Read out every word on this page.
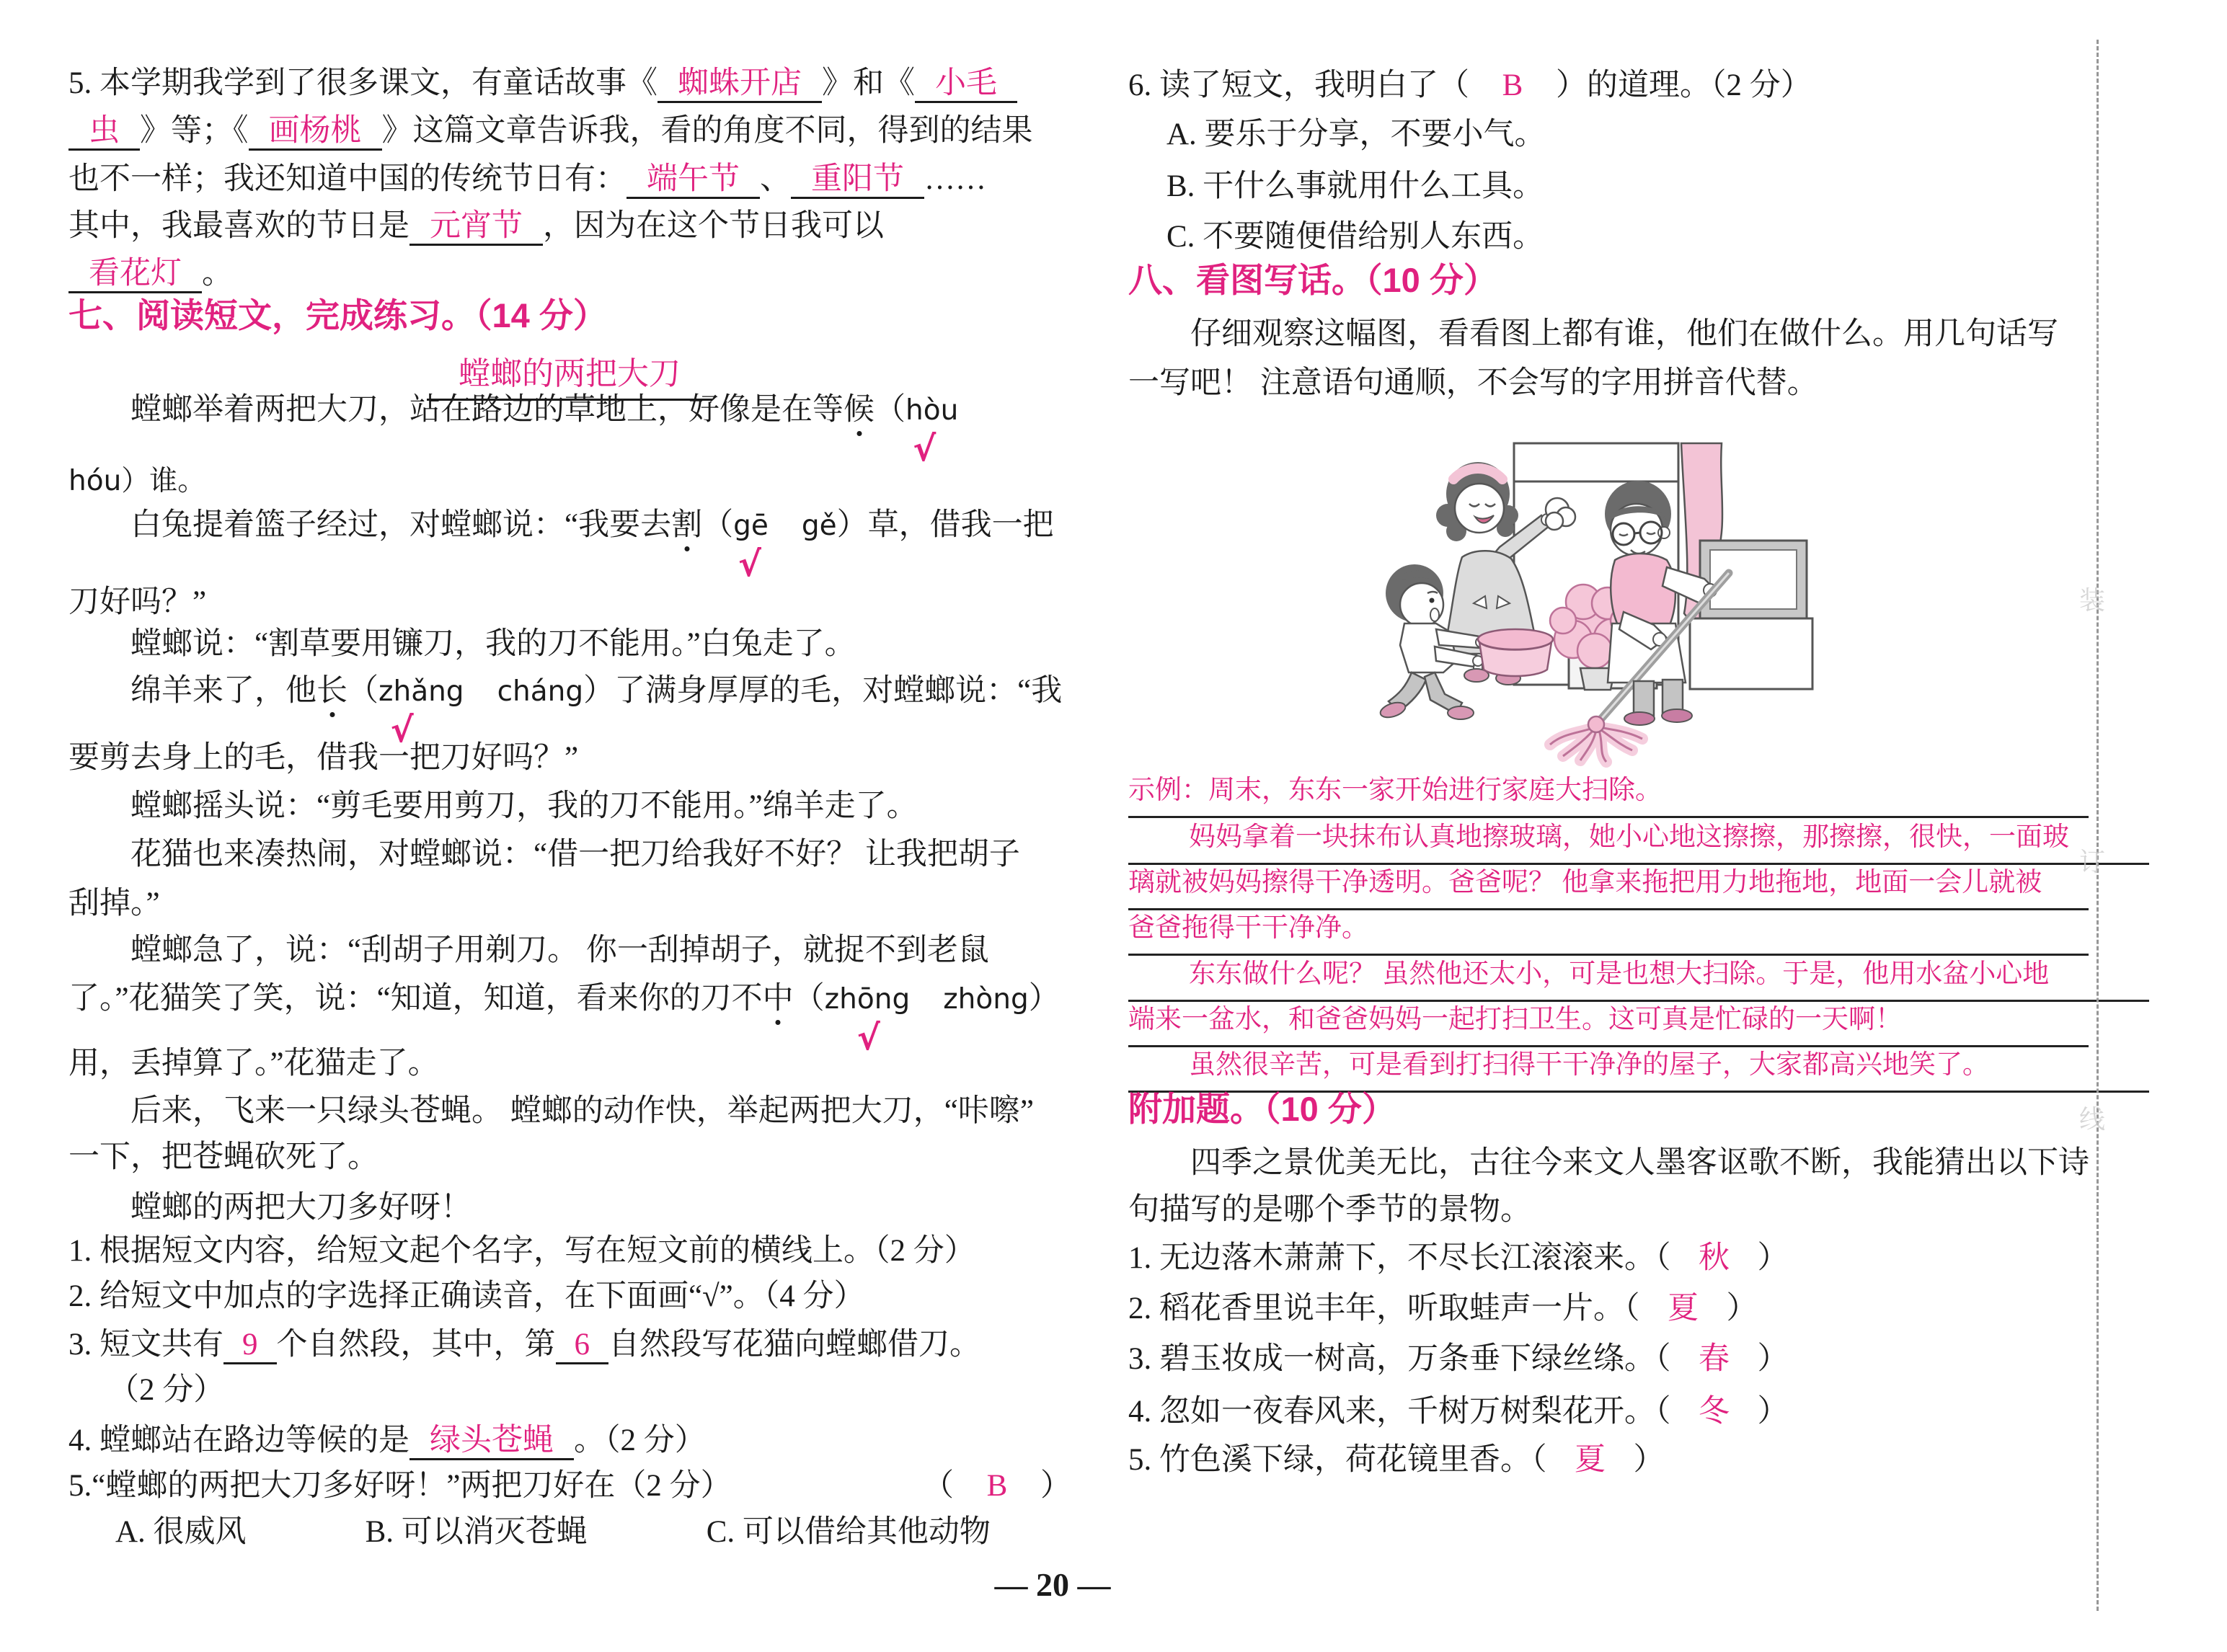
5. 本学期我学到了很多课文，有童话故事《 蜘蛛开店 》和《 小毛
虫 》等；《 画杨桃 》这篇文章告诉我，看的角度不同，得到的结果
也不一样；我还知道中国的传统节日有： 端午节 、 重阳节 ……
其中，我最喜欢的节日是 元宵节 ，因为在这个节日我可以
看花灯 。
七、阅读短文，完成练习。（14 分）
螳螂的两把大刀
螳螂举着两把大刀，站在路边的草地上，好像是在等候（hòu
√
hóu）谁。
白兔提着篮子经过，对螳螂说：“我要去割（gē
√
gě）草，借我一把
刀好吗？”
螳螂说：“割草要用镰刀，我的刀不能用。”白兔走了。
绵羊来了，他长（zhǎng
√
cháng）了满身厚厚的毛，对螳螂说：“我
要剪去身上的毛，借我一把刀好吗？”
螳螂摇头说：“剪毛要用剪刀，我的刀不能用。”绵羊走了。
花猫也来凑热闹，对螳螂说：“借一把刀给我好不好？ 让我把胡子
刮掉。”
螳螂急了，说：“刮胡子用剃刀。 你一刮掉胡子，就捉不到老鼠
了。”花猫笑了笑，说：“知道，知道，看来你的刀不中（zhōng
√
zhòng）
用，丢掉算了。”花猫走了。
后来，飞来一只绿头苍蝇。 螳螂的动作快，举起两把大刀，“咔嚓”
一下，把苍蝇砍死了。
螳螂的两把大刀多好呀！
1. 根据短文内容，给短文起个名字，写在短文前的横线上。（2 分）
2. 给短文中加点的字选择正确读音，在下面画“√”。（4 分）
3. 短文共有 9 个自然段，其中，第 6 自然段写花猫向螳螂借刀。
（2 分）
4. 螳螂站在路边等候的是 绿头苍蝇 。（2 分）
5.“螳螂的两把大刀多好呀！”两把刀好在（2 分）	（ B ）
A. 很威风	B. 可以消灭苍蝇	C. 可以借给其他动物
6. 读了短文，我明白了（ B ）的道理。（2 分）
A. 要乐于分享，不要小气。
B. 干什么事就用什么工具。
C. 不要随便借给别人东西。
八、看图写话。（10 分）
仔细观察这幅图，看看图上都有谁，他们在做什么。用几句话写
一写吧！ 注意语句通顺，不会写的字用拼音代替。
示例：周末，东东一家开始进行家庭大扫除。
妈妈拿着一块抹布认真地擦玻璃，她小心地这擦擦，那擦擦，很快，一面玻
璃就被妈妈擦得干净透明。爸爸呢？ 他拿来拖把用力地拖地，地面一会儿就被
爸爸拖得干干净净。
东东做什么呢？ 虽然他还太小，可是也想大扫除。于是，他用水盆小心地
端来一盆水，和爸爸妈妈一起打扫卫生。这可真是忙碌的一天啊！
虽然很辛苦，可是看到打扫得干干净净的屋子，大家都高兴地笑了。
附加题。（10 分）
四季之景优美无比，古往今来文人墨客讴歌不断，我能猜出以下诗
句描写的是哪个季节的景物。
1. 无边落木萧萧下，不尽长江滚滚来。（ 秋 ）
2. 稻花香里说丰年，听取蛙声一片。（ 夏 ）
3. 碧玉妆成一树高，万条垂下绿丝绦。（ 春 ）
4. 忽如一夜春风来，千树万树梨花开。（ 冬 ）
5. 竹色溪下绿，荷花镜里香。（ 夏 ）
装
订
线
— 20 —
